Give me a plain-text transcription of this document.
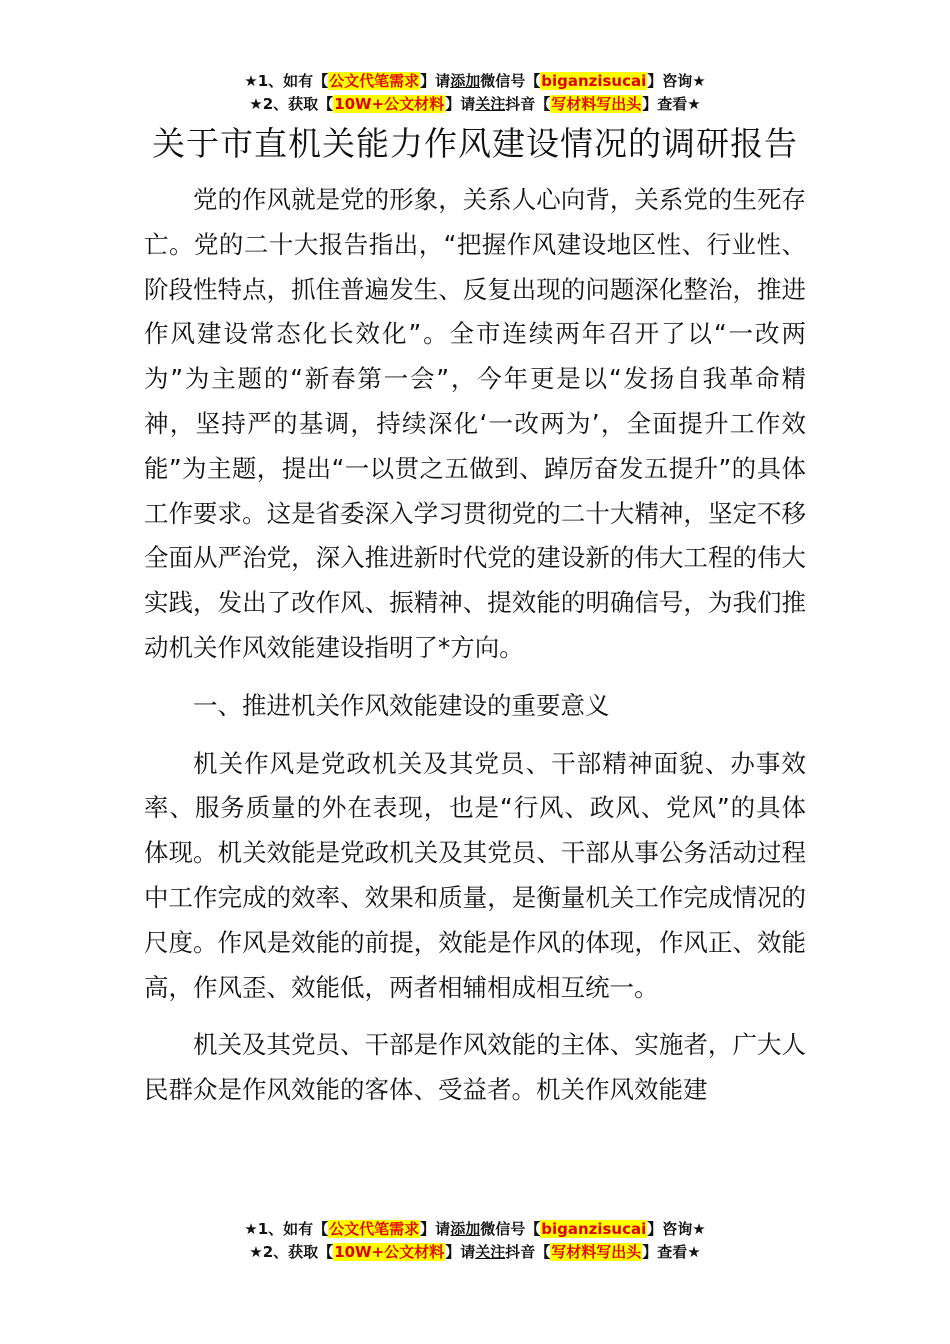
★1、如有【公文代笔需求】请添加微信号【biganzisucai】咨询★
★2、获取【10W+公文材料】请关注抖音【写材料写出头】查看★
关于市直机关能力作风建设情况的调研报告

党的作风就是党的形象，关系人心向背，关系党的生死存亡。党的二十大报告指出，“把握作风建设地区性、行业性、阶段性特点，抓住普遍发生、反复出现的问题深化整治，推进作风建设常态化长效化”。全市连续两年召开了以“一改两为”为主题的“新春第一会”，今年更是以“发扬自我革命精神，坚持严的基调，持续深化‘一改两为’，全面提升工作效能”为主题，提出“一以贯之五做到、踔厉奋发五提升”的具体工作要求。这是省委深入学习贯彻党的二十大精神，坚定不移全面从严治党，深入推进新时代党的建设新的伟大工程的伟大实践，发出了改作风、振精神、提效能的明确信号，为我们推动机关作风效能建设指明了*方向。

一、推进机关作风效能建设的重要意义

机关作风是党政机关及其党员、干部精神面貌、办事效率、服务质量的外在表现，也是“行风、政风、党风”的具体体现。机关效能是党政机关及其党员、干部从事公务活动过程中工作完成的效率、效果和质量，是衡量机关工作完成情况的尺度。作风是效能的前提，效能是作风的体现，作风正、效能高，作风歪、效能低，两者相辅相成相互统一。

机关及其党员、干部是作风效能的主体、实施者，广大人民群众是作风效能的客体、受益者。机关作风效能建

★1、如有【公文代笔需求】请添加微信号【biganzisucai】咨询★
★2、获取【10W+公文材料】请关注抖音【写材料写出头】查看★
